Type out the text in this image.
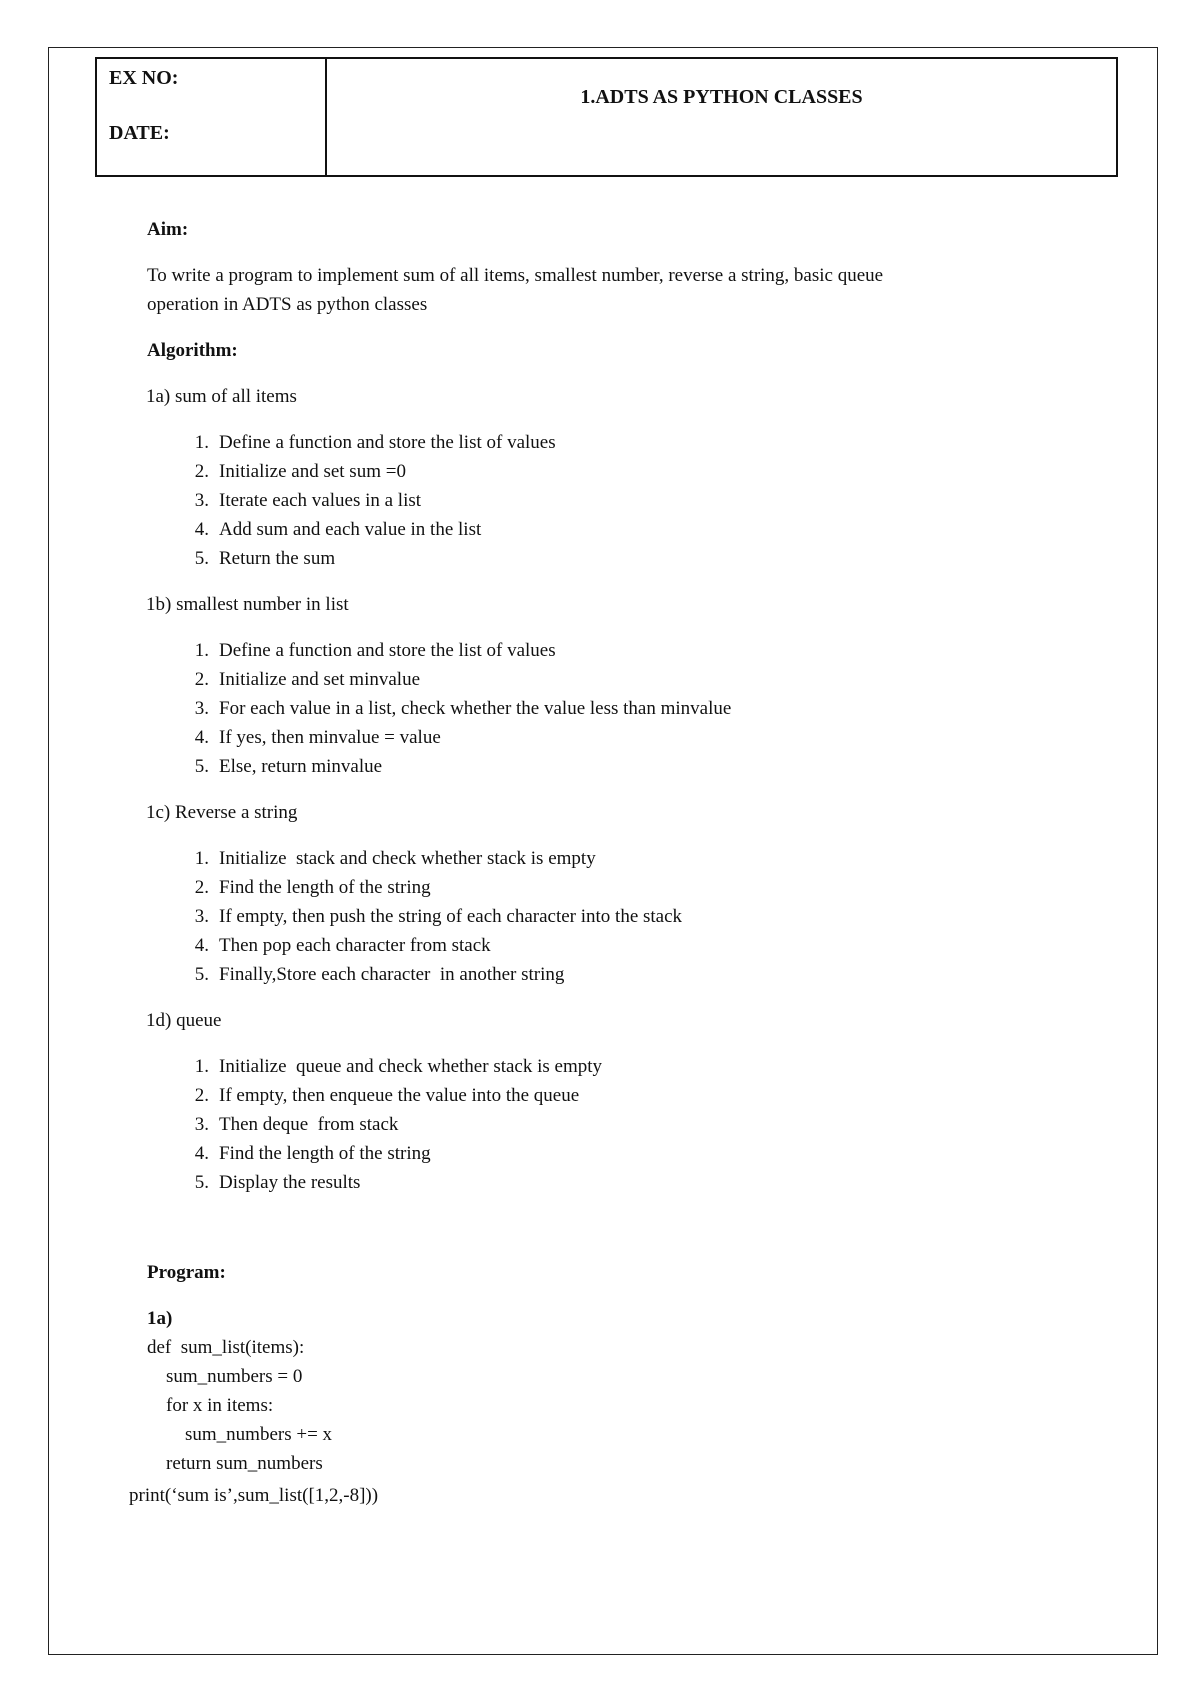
EX NO:
DATE:
1.ADTS AS PYTHON CLASSES

Aim:

To write a program to implement sum of all items, smallest number, reverse a string, basic queue

operation in ADTS as python classes

Algorithm:

1a) sum of all items

1. Define a function and store the list of values
2. Initialize and set sum =0
3. Iterate each values in a list
4. Add sum and each value in the list
5. Return the sum

1b) smallest number in list

1. Define a function and store the list of values
2. Initialize and set minvalue
3. For each value in a list, check whether the value less than minvalue
4. If yes, then minvalue = value
5. Else, return minvalue

1c) Reverse a string

1. Initialize  stack and check whether stack is empty
2. Find the length of the string
3. If empty, then push the string of each character into the stack
4. Then pop each character from stack
5. Finally,Store each character  in another string

1d) queue

1. Initialize  queue and check whether stack is empty
2. If empty, then enqueue the value into the queue
3. Then deque  from stack
4. Find the length of the string
5. Display the results

Program:

1a)
def  sum_list(items):
sum_numbers = 0
for x in items:
sum_numbers += x
return sum_numbers
print(‘sum is’,sum_list([1,2,-8]))
